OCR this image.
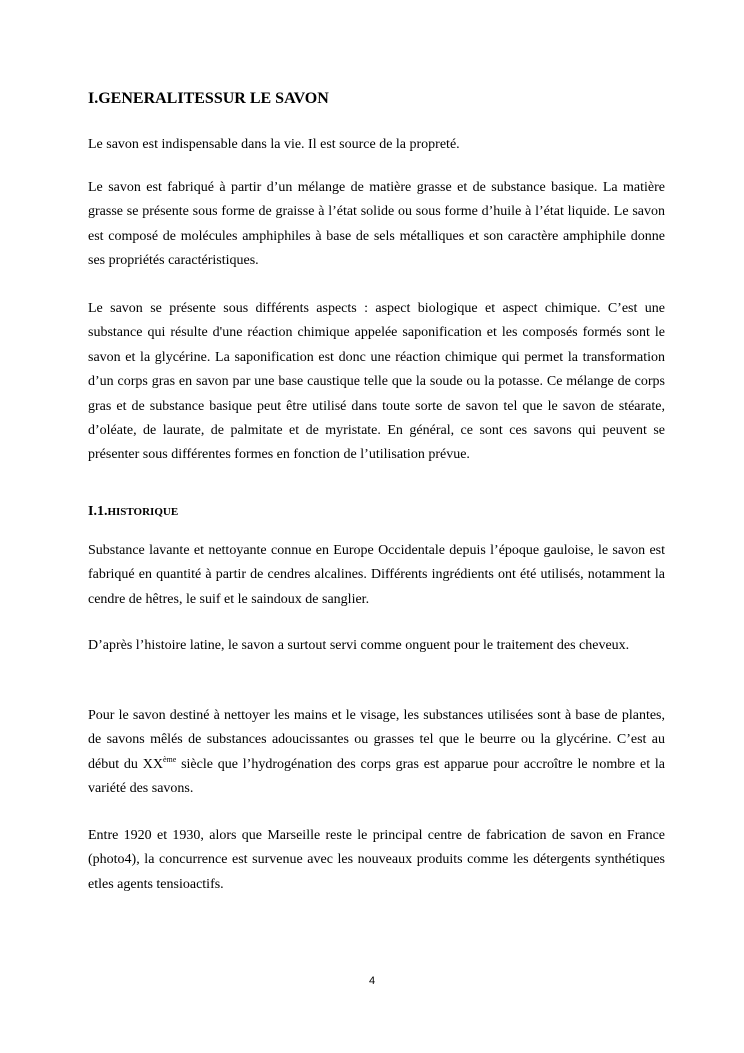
I.GENERALITESSUR LE SAVON

Le savon est indispensable dans la vie. Il est source de la propreté.

Le savon est fabriqué à partir d’un mélange de matière grasse et de substance basique. La matière grasse se présente sous forme de graisse à l’état solide ou sous forme d’huile à l’état liquide. Le savon est composé de molécules amphiphiles à base de sels métalliques et son caractère amphiphile donne ses propriétés caractéristiques.

Le savon se présente sous différents aspects : aspect biologique et aspect chimique. C’est une substance qui résulte d'une réaction chimique appelée saponification et les composés formés sont le savon et la glycérine. La saponification est donc une réaction chimique qui permet la transformation d’un corps gras en savon par une base caustique telle que la soude ou la potasse. Ce mélange de corps gras et de substance basique peut être utilisé dans toute sorte de savon tel que le savon de stéarate, d’oléate, de laurate, de palmitate et de myristate. En général, ce sont ces savons qui peuvent se présenter sous différentes formes en fonction de l’utilisation prévue.

I.1.HISTORIQUE

Substance lavante et nettoyante connue en Europe Occidentale depuis l’époque gauloise, le savon est fabriqué en quantité à partir de cendres alcalines. Différents ingrédients ont été utilisés, notamment la cendre de hêtres, le suif et le saindoux de sanglier.

D’après l’histoire latine, le savon a surtout servi comme onguent pour le traitement des cheveux.

Pour le savon destiné à nettoyer les mains et le visage, les substances utilisées sont à base de plantes, de savons mêlés de substances adoucissantes ou grasses tel que le beurre ou la glycérine. C’est au début du XXème siècle que l’hydrogénation des corps gras est apparue pour accroître le nombre et la variété des savons.

Entre 1920 et 1930, alors que Marseille reste le principal centre de fabrication de savon en France (photo4), la concurrence est survenue avec les nouveaux produits comme les détergents synthétiques etles agents tensioactifs.

4
